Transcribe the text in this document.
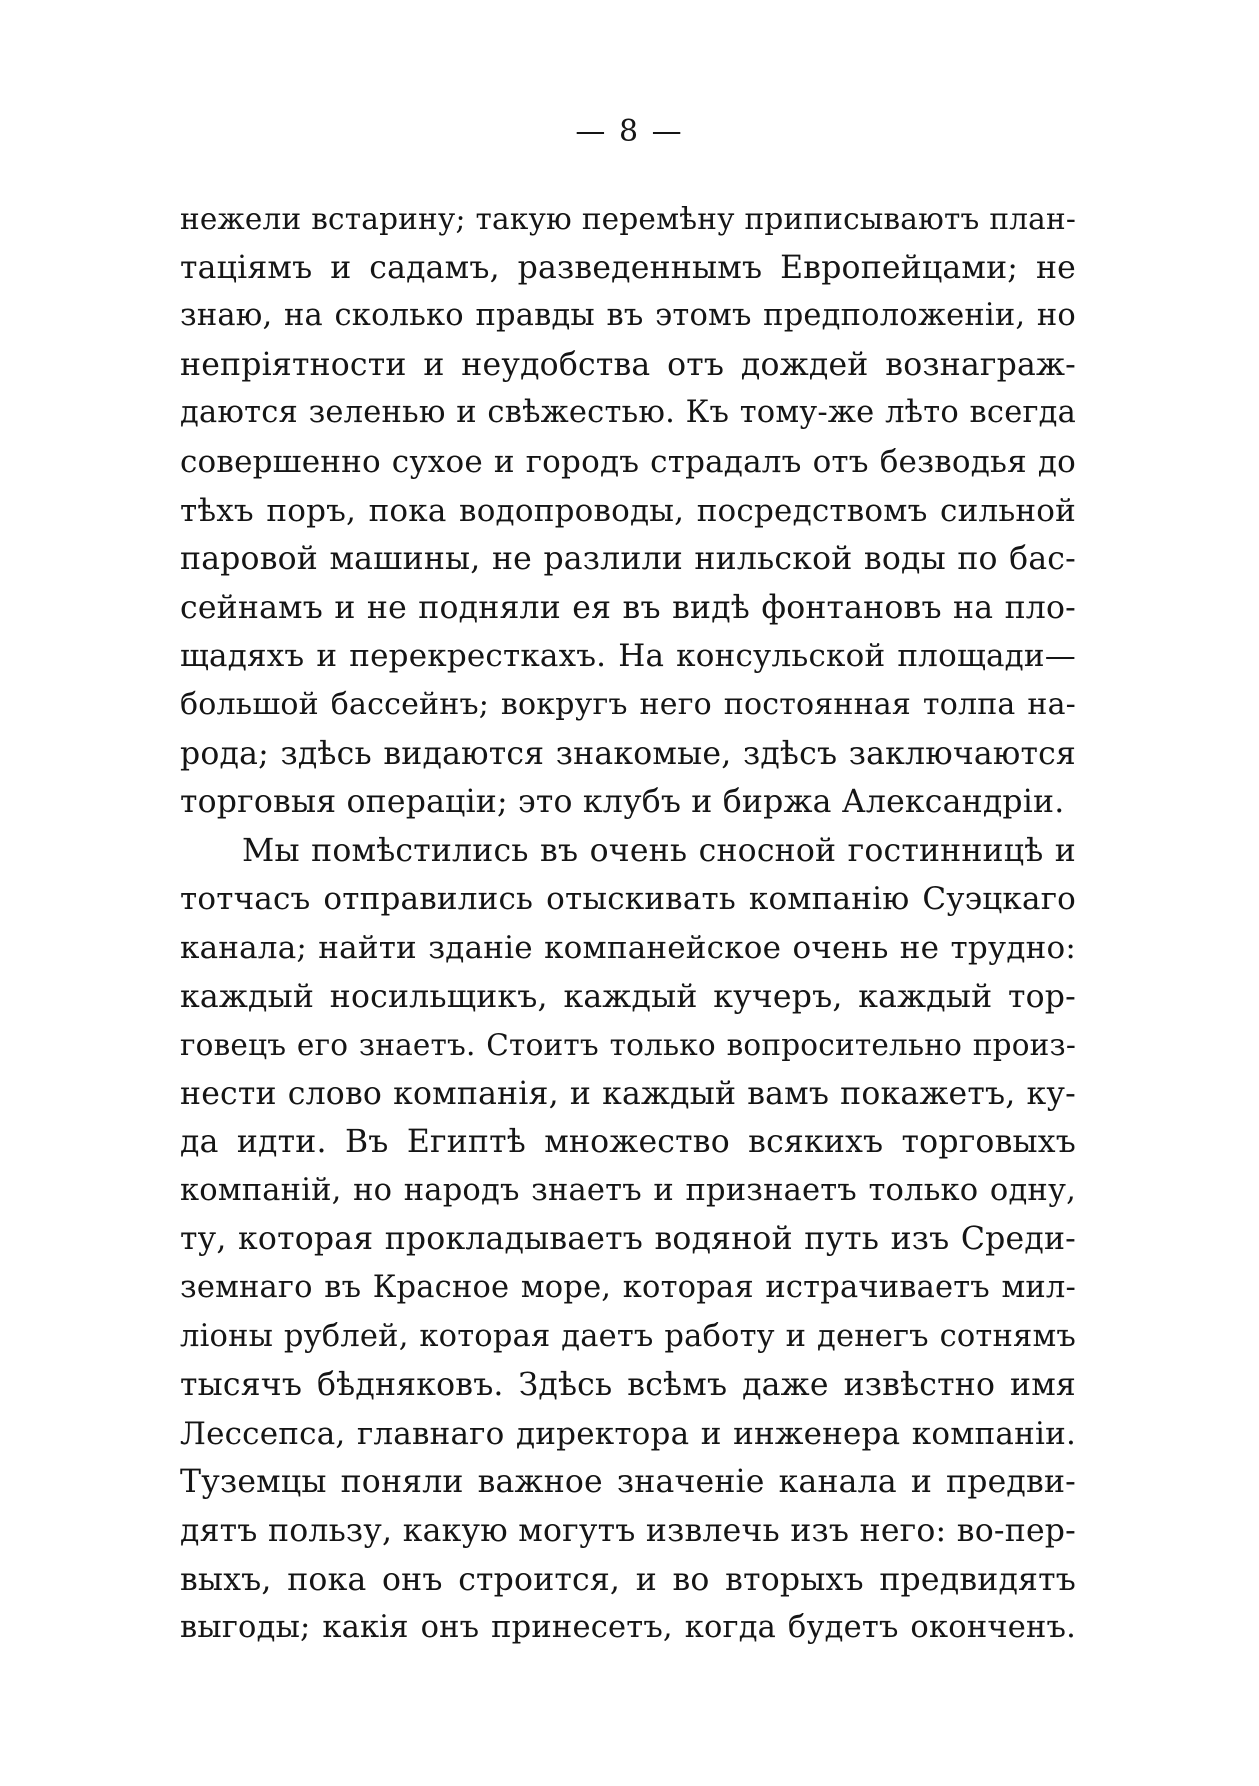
— 8 —
нежели встарину; такую перемѣну приписываютъ план-
таціямъ и садамъ, разведеннымъ Европейцами; не
знаю, на сколько правды въ этомъ предположеніи, но
непріятности и неудобства отъ дождей вознаграж-
даются зеленью и свѣжестью. Къ тому-же лѣто всегда
совершенно сухое и городъ страдалъ отъ безводья до
тѣхъ поръ, пока водопроводы, посредствомъ сильной
паровой машины, не разлили нильской воды по бас-
сейнамъ и не подняли ея въ видѣ фонтановъ на пло-
щадяхъ и перекресткахъ. На консульской площади—
большой бассейнъ; вокругъ него постоянная толпа на-
рода; здѣсь видаются знакомые, здѣсъ заключаются
торговыя операціи; это клубъ и биржа Александріи.
Мы помѣстились въ очень сносной гостинницѣ и
тотчасъ отправились отыскивать компанію Суэцкаго
канала; найти зданіе компанейское очень не трудно:
каждый носильщикъ, каждый кучеръ, каждый тор-
говецъ его знаетъ. Стоитъ только вопросительно произ-
нести слово компанія, и каждый вамъ покажетъ, ку-
да идти. Въ Египтѣ множество всякихъ торговыхъ
компаній, но народъ знаетъ и признаетъ только одну,
ту, которая прокладываетъ водяной путь изъ Среди-
земнаго въ Красное море, которая истрачиваетъ мил-
ліоны рублей, которая даетъ работу и денегъ сотнямъ
тысячъ бѣдняковъ. Здѣсь всѣмъ даже извѣстно имя
Лессепса, главнаго директора и инженера компаніи.
Туземцы поняли важное значеніе канала и предви-
дятъ пользу, какую могутъ извлечь изъ него: во-пер-
выхъ, пока онъ строится, и во вторыхъ предвидятъ
выгоды; какія онъ принесетъ, когда будетъ оконченъ.
